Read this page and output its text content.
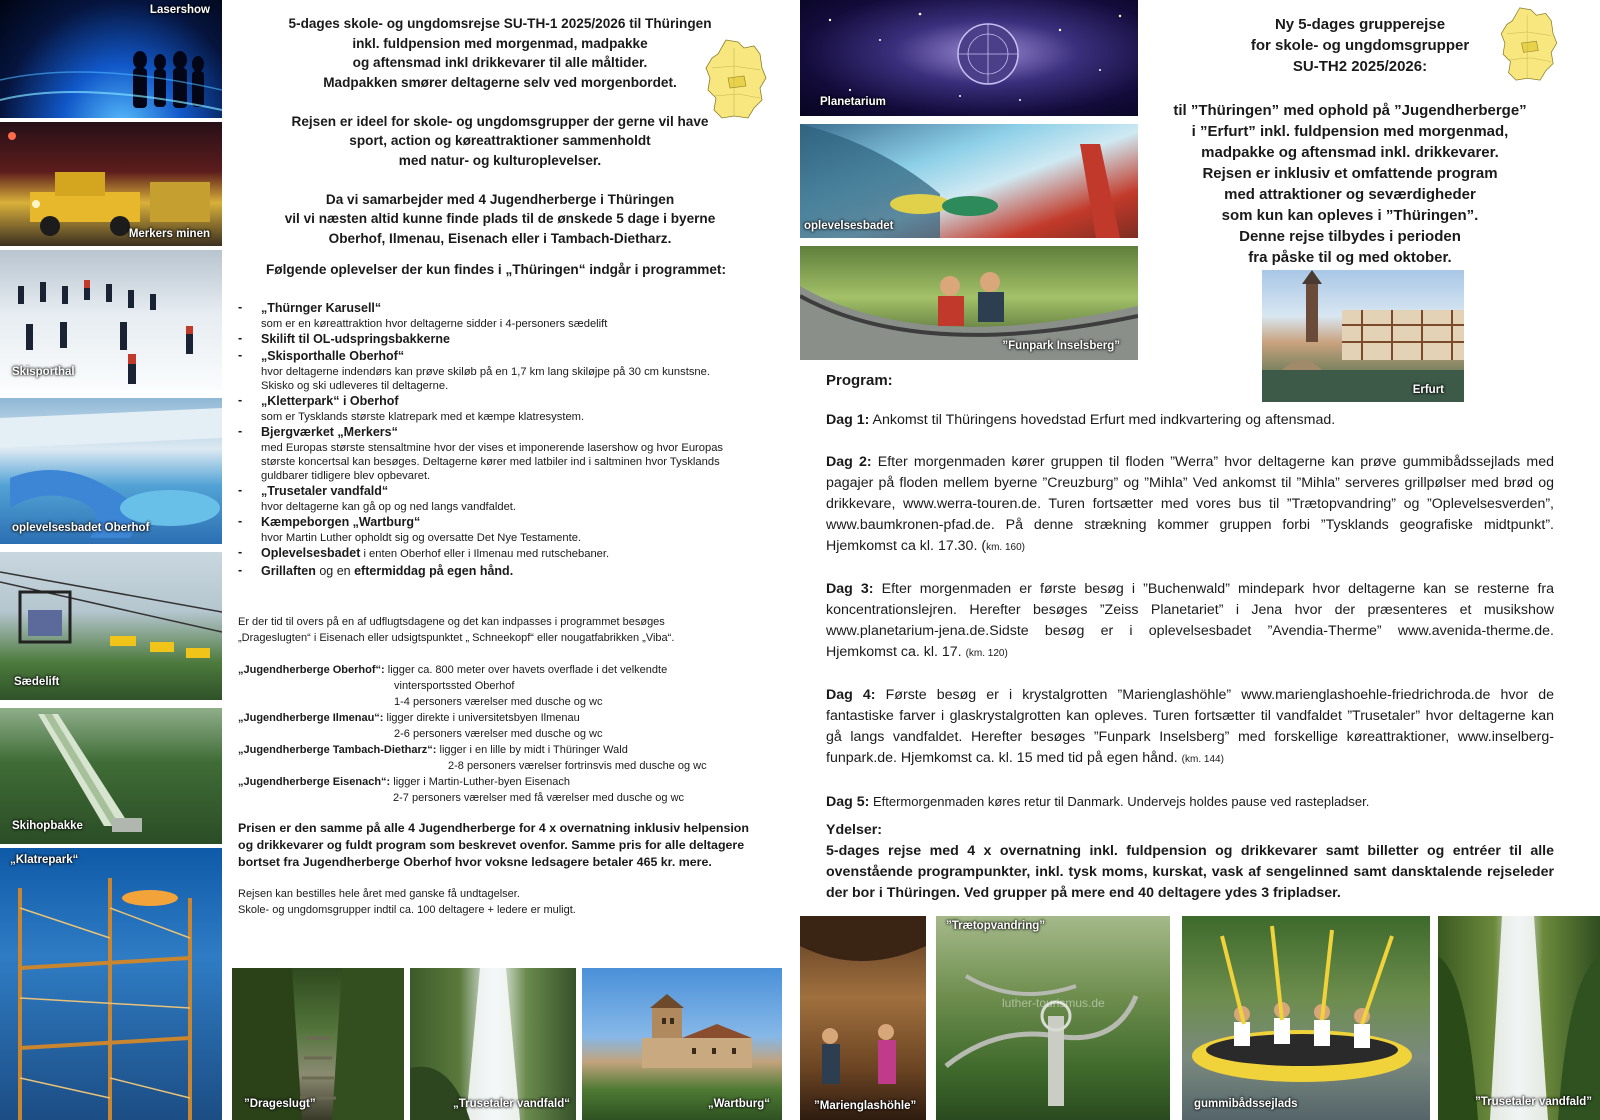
Lasershow
Merkers minen
Skisporthal
oplevelsesbadet Oberhof
Sædelift
Skihopbakke
„Klatrepark“

5-dages skole- og ungdomsrejse SU-TH-1 2025/2026 til Thüringen
inkl. fuldpension med morgenmad, madpakke
og aftensmad inkl drikkevarer til alle måltider.
Madpakken smører deltagerne selv ved morgenbordet.

Rejsen er ideel for skole- og ungdomsgrupper der gerne vil have
sport, action og køreattraktioner sammenholdt
med natur- og kulturoplevelser.

Da vi samarbejder med 4 Jugendherberge i Thüringen
vil vi næsten altid kunne finde plads til de ønskede 5 dage i byerne
Oberhof, Ilmenau, Eisenach eller i Tambach-Dietharz.

Følgende oplevelser der kun findes i „Thüringen“ indgår i programmet:
- „Thürnger Karusell“
som er en køreattraktion hvor deltagerne sidder i 4-personers sædelift
- Skilift til OL-udspringsbakkerne
- „Skisporthalle Oberhof“
hvor deltagerne indendørs kan prøve skiløb på en 1,7 km lang skiløjpe på 30 cm kunstsne.
Skisko og ski udleveres til deltagerne.
- „Kletterpark“ i Oberhof
som er Tysklands største klatrepark med et kæmpe klatresystem.
- Bjergværket „Merkers“
med Europas største stensaltmine hvor der vises et imponerende lasershow og hvor Europas
største koncertsal kan besøges. Deltagerne kører med latbiler ind i saltminen hvor Tysklands
guldbarer tidligere blev opbevaret.
- „Trusetaler vandfald“
hvor deltagerne kan gå op og ned langs vandfaldet.
- Kæmpeborgen „Wartburg“
hvor Martin Luther opholdt sig og oversatte Det Nye Testamente.
- Oplevelsesbadet i enten Oberhof eller i Ilmenau med rutschebaner.
- Grillaften og en eftermiddag på egen hånd.
Er der tid til overs på en af udflugtsdagene og det kan indpasses i programmet besøges
„Drageslugten“ i Eisenach eller udsigtspunktet „ Schneekopf“ eller nougatfabrikken „Viba“.
„Jugendherberge Oberhof“: ligger ca. 800 meter over havets overflade i det velkendte
vintersportssted Oberhof
1-4 personers værelser med dusche og wc
„Jugendherberge Ilmenau“: ligger direkte i universitetsbyen Ilmenau
2-6 personers værelser med dusche og wc
„Jugendherberge Tambach-Dietharz“: ligger i en lille by midt i Thüringer Wald
2-8 personers værelser fortrinsvis med dusche og wc
„Jugendherberge Eisenach“: ligger i Martin-Luther-byen Eisenach
2-7 personers værelser med få værelser med dusche og wc
Prisen er den samme på alle 4 Jugendherberge for 4 x overnatning inklusiv helpension
og drikkevarer og fuldt program som beskrevet ovenfor. Samme pris for alle deltagere
bortset fra Jugendherberge Oberhof hvor voksne ledsagere betaler 465 kr. mere.
Rejsen kan bestilles hele året med ganske få undtagelser.
Skole- og ungdomsgrupper indtil ca. 100 deltagere + ledere er muligt.
”Drageslugt”	„Trusetaler vandfald“	„Wartburg“
Planetarium
oplevelsesbadet
”Funpark Inselsberg”
Ny 5-dages grupperejse
for skole- og ungdomsgrupper
SU-TH2 2025/2026:
til ”Thüringen” med ophold på ”Jugendherberge”
i ”Erfurt” inkl. fuldpension med morgenmad,
madpakke og aftensmad inkl. drikkevarer.
Rejsen er inklusiv et omfattende program
med attraktioner og seværdigheder
som kun kan opleves i ”Thüringen”.
Denne rejse tilbydes i perioden
fra påske til og med oktober.
Erfurt
Program:
Dag 1: Ankomst til Thüringens hovedstad Erfurt med indkvartering og aftensmad.
Dag 2: Efter morgenmaden kører gruppen til floden ”Werra” hvor deltagerne kan prøve gummibådssejlads med pagajer på floden mellem byerne ”Creuzburg” og ”Mihla” Ved ankomst til ”Mihla” serveres grillpølser med brød og drikkevare, www.werra-touren.de. Turen fortsætter med vores bus til ”Trætopvandring” og ”Oplevelsesverden”, www.baumkronen-pfad.de. På denne strækning kommer gruppen forbi ”Tysklands geografiske midtpunkt”. Hjemkomst ca kl. 17.30. (km. 160)
Dag 3: Efter morgenmaden er første besøg i ”Buchenwald” mindepark hvor deltagerne kan se resterne fra koncentrationslejren. Herefter besøges ”Zeiss Planetariet” i Jena hvor der præsenteres et musikshow www.planetarium-jena.de.Sidste besøg er i oplevelsesbadet ”Avendia-Therme” www.avenida-therme.de. Hjemkomst ca. kl. 17. (km. 120)
Dag 4: Første besøg er i krystalgrotten ”Marienglashöhle” www.marienglashoehle-friedrichroda.de hvor de fantastiske farver i glaskrystalgrotten kan opleves. Turen fortsætter til vandfaldet ”Trusetaler” hvor deltagerne kan gå langs vandfaldet. Herefter besøges ”Funpark Inselsberg” med forskellige køreattraktioner, www.inselberg-funpark.de. Hjemkomst ca. kl. 15 med tid på egen hånd. (km. 144)
Dag 5: Eftermorgenmaden køres retur til Danmark. Undervejs holdes pause ved rastepladser.
Ydelser:
5-dages rejse med 4 x overnatning inkl. fuldpension og drikkevarer samt billetter og entréer til alle ovenstående programpunkter, inkl. tysk moms, kurskat, vask af sengelinned samt dansktalende rejseleder der bor i Thüringen. Ved grupper på mere end 40 deltagere ydes 3 fripladser.
”Marienglashöhle”
”Trætopvandring”
luther-tourismus.de
gummibådssejlads	”Trusetaler vandfald”
